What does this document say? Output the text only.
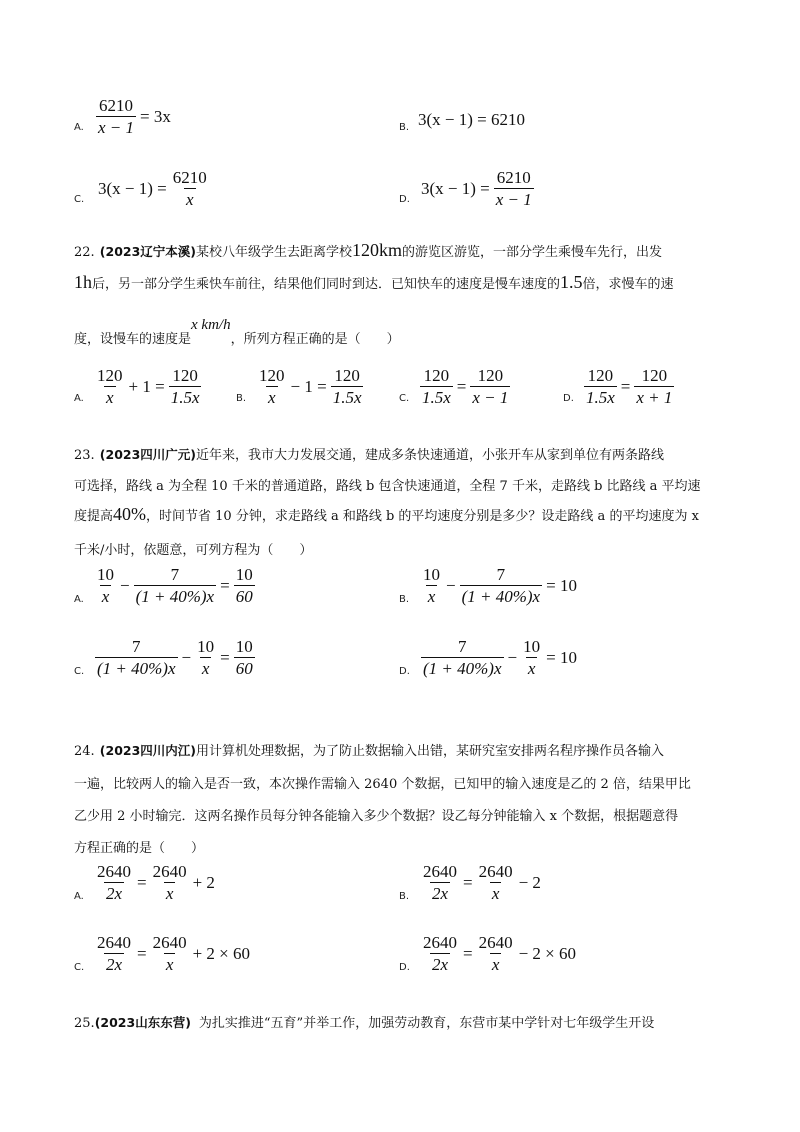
A. $\frac{6210}{x - 1} = 3x$
B. 3(x − 1) = 6210
C.
$3(x - 1) = \frac{6210}{x}$	D.
$3(x - 1) = \frac{6210}{x - 1}$
22. (2023辽宁本溪)某校八年级学生去距离学校120km的游览区游览，一部分学生乘慢车先行，出发
1h后，另一部分学生乘快车前往，结果他们同时到达．已知快车的速度是慢车速度的1.5倍，求慢车的速
$_{度,设慢车的速度是}$x $km/h_{,所列方程正确的是( )}$
A. $\frac{120}{x} + 1 = \frac{120}{1.5x}$	B. $\frac{120}{x} - 1 = \frac{120}{1.5x}$	C. $\frac{120}{1.5x} = \frac{120}{x - 1}$	D. $\frac{120}{1.5x} = \frac{120}{x + 1}$
23. (2023四川广元)近年来，我市大力发展交通，建成多条快速通道，小张开车从家到单位有两条路线
可选择，路线 a 为全程 10 千米的普通道路，路线 b 包含快速通道，全程 7 千米，走路线 b 比路线 a 平均速
度提高40%，时间节省 10 分钟，求走路线 a 和路线 b 的平均速度分别是多少？设走路线 a 的平均速度为 x
千米/小时，依题意，可列方程为（　　）
A. $\frac{10}{x} - \frac{7}{(1 + 40\%)x} = \frac{10}{60}$	B. $\frac{10}{x} - \frac{7}{(1 + 40\%)x} = 10$
C. $\frac{7}{(1 + 40\%)x} - \frac{10}{x} = \frac{10}{60}$	D. $\frac{7}{(1 + 40\%)x} - \frac{10}{x} = 10$
24. (2023四川内江)用计算机处理数据，为了防止数据输入出错，某研究室安排两名程序操作员各输入
一遍，比较两人的输入是否一致，本次操作需输入 2640 个数据，已知甲的输入速度是乙的 2 倍，结果甲比
乙少用 2 小时输完．这两名操作员每分钟各能输入多少个数据？设乙每分钟能输入 x 个数据，根据题意得
方程正确的是（　　）
A. $\frac{2640}{2x} = \frac{2640}{x} + 2$
B. $\frac{2640}{2x} = \frac{2640}{x} - 2$
C. $\frac{2640}{2x} = \frac{2640}{x} + 2 \times 60$
D. $\frac{2640}{2x} = \frac{2640}{x} - 2 \times 60$
25.(2023山东东营) 为扎实推进“五育”并举工作，加强劳动教育，东营市某中学针对七年级学生开设
